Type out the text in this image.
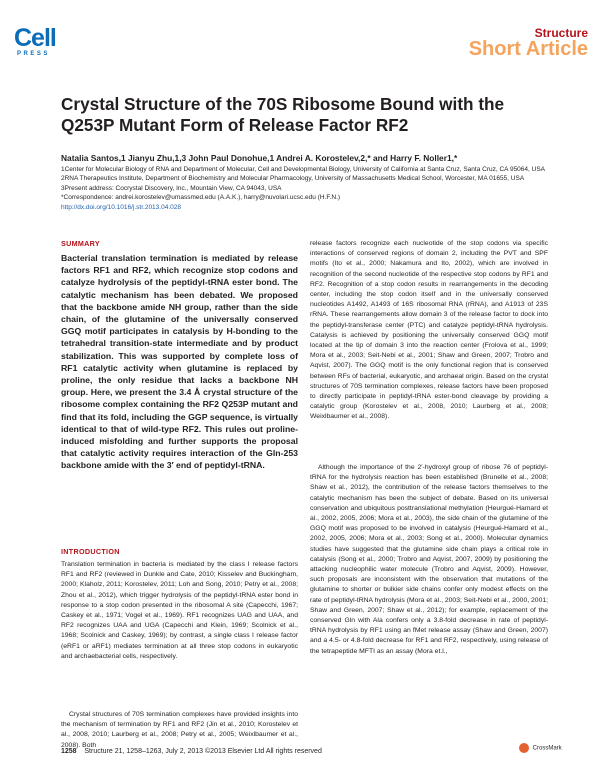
Cell
PRESS
Structure
Short Article
Crystal Structure of the 70S Ribosome Bound with the Q253P Mutant Form of Release Factor RF2
Natalia Santos,1 Jianyu Zhu,1,3 John Paul Donohue,1 Andrei A. Korostelev,2,* and Harry F. Noller1,*

1Center for Molecular Biology of RNA and Department of Molecular, Cell and Developmental Biology, University of California at Santa Cruz, Santa Cruz, CA 95064, USA

2RNA Therapeutics Institute, Department of Biochemistry and Molecular Pharmacology, University of Massachusetts Medical School, Worcester, MA 01655, USA

3Present address: Cocrystal Discovery, Inc., Mountain View, CA 94043, USA

*Correspondence: andrei.korostelev@umassmed.edu (A.A.K.), harry@nuvolari.ucsc.edu (H.F.N.)

http://dx.doi.org/10.1016/j.str.2013.04.028

SUMMARY

Bacterial translation termination is mediated by release factors RF1 and RF2, which recognize stop codons and catalyze hydrolysis of the peptidyl-tRNA ester bond. The catalytic mechanism has been debated. We proposed that the backbone amide NH group, rather than the side chain, of the glutamine of the universally conserved GGQ motif participates in catalysis by H-bonding to the tetrahedral transition-state intermediate and by product stabilization. This was supported by complete loss of RF1 catalytic activity when glutamine is replaced by proline, the only residue that lacks a backbone NH group. Here, we present the 3.4 Å crystal structure of the ribosome complex containing the RF2 Q253P mutant and find that its fold, including the GGP sequence, is virtually identical to that of wild-type RF2. This rules out proline-induced misfolding and further supports the proposal that catalytic activity requires interaction of the Gln-253 backbone amide with the 3′ end of peptidyl-tRNA.

INTRODUCTION

Translation termination in bacteria is mediated by the class I release factors RF1 and RF2 (reviewed in Dunkle and Cate, 2010; Kisselev and Buckingham, 2000; Klaholz, 2011; Korostelev, 2011; Loh and Song, 2010; Petry et al., 2008; Zhou et al., 2012), which trigger hydrolysis of the peptidyl-tRNA ester bond in response to a stop codon presented in the ribosomal A site (Capecchi, 1967; Caskey et al., 1971; Vogel et al., 1969). RF1 recognizes UAG and UAA, and RF2 recognizes UAA and UGA (Capecchi and Klein, 1969; Scolnick et al., 1968; Scolnick and Caskey, 1969); by contrast, a single class I release factor (eRF1 or aRF1) mediates termination at all three stop codons in eukaryotic and archaebacterial cells, respectively.

Crystal structures of 70S termination complexes have provided insights into the mechanism of termination by RF1 and RF2 (Jin et al., 2010; Korostelev et al., 2008, 2010; Laurberg et al., 2008; Petry et al., 2005; Weixlbaumer et al., 2008). Both

release factors recognize each nucleotide of the stop codons via specific interactions of conserved regions of domain 2, including the PVT and SPF motifs (Ito et al., 2000; Nakamura and Ito, 2002), which are involved in recognition of the second nucleotide of the respective stop codons by RF1 and RF2. Recognition of a stop codon results in rearrangements in the decoding center, including the stop codon itself and in the universally conserved nucleotides A1492, A1493 of 16S ribosomal RNA (rRNA), and A1913 of 23S rRNA. These rearrangements allow domain 3 of the release factor to dock into the peptidyl-transferase center (PTC) and catalyze peptidyl-tRNA hydrolysis. Catalysis is achieved by positioning the universally conserved GGQ motif located at the tip of domain 3 into the reaction center (Frolova et al., 1999; Mora et al., 2003; Seit-Nebi et al., 2001; Shaw and Green, 2007; Trobro and Aqvist, 2007). The GGQ motif is the only functional region that is conserved between RFs of bacterial, eukaryotic, and archaeal origin. Based on the crystal structures of 70S termination complexes, release factors have been proposed to directly participate in peptidyl-tRNA ester-bond cleavage by providing a catalytic group (Korostelev et al., 2008, 2010; Laurberg et al., 2008; Weixlbaumer et al., 2008).

Although the importance of the 2′-hydroxyl group of ribose 76 of peptidyl-tRNA for the hydrolysis reaction has been established (Brunelle et al., 2008; Shaw et al., 2012), the contribution of the release factors themselves to the catalytic mechanism has been the subject of debate. Based on its universal conservation and ubiquitous posttranslational methylation (Heurgué-Hamard et al., 2002, 2005, 2006; Mora et al., 2003), the side chain of the glutamine of the GGQ motif was proposed to be involved in catalysis (Heurgué-Hamard et al., 2002, 2005, 2006; Mora et al., 2003; Song et al., 2000). Molecular dynamics studies have suggested that the glutamine side chain plays a critical role in catalysis (Song et al., 2000; Trobro and Aqvist, 2007, 2009) by positioning the attacking nucleophilic water molecule (Trobro and Aqvist, 2009). However, such proposals are inconsistent with the observation that mutations of the glutamine to shorter or bulkier side chains confer only modest effects on the rate of peptidyl-tRNA hydrolysis (Mora et al., 2003; Seit-Nebi et al., 2000, 2001; Shaw and Green, 2007; Shaw et al., 2012); for example, replacement of the conserved Gln with Ala confers only a 3.8-fold decrease in rate of peptidyl-tRNA hydrolysis by RF1 using an fMet release assay (Shaw and Green, 2007) and a 4.5- or 4.8-fold decrease for RF1 and RF2, respectively, using release of the tetrapeptide MFTI as an assay (Mora et.l.,

1258 Structure 21, 1258–1263, July 2, 2013 ©2013 Elsevier Ltd All rights reserved	CrossMark
